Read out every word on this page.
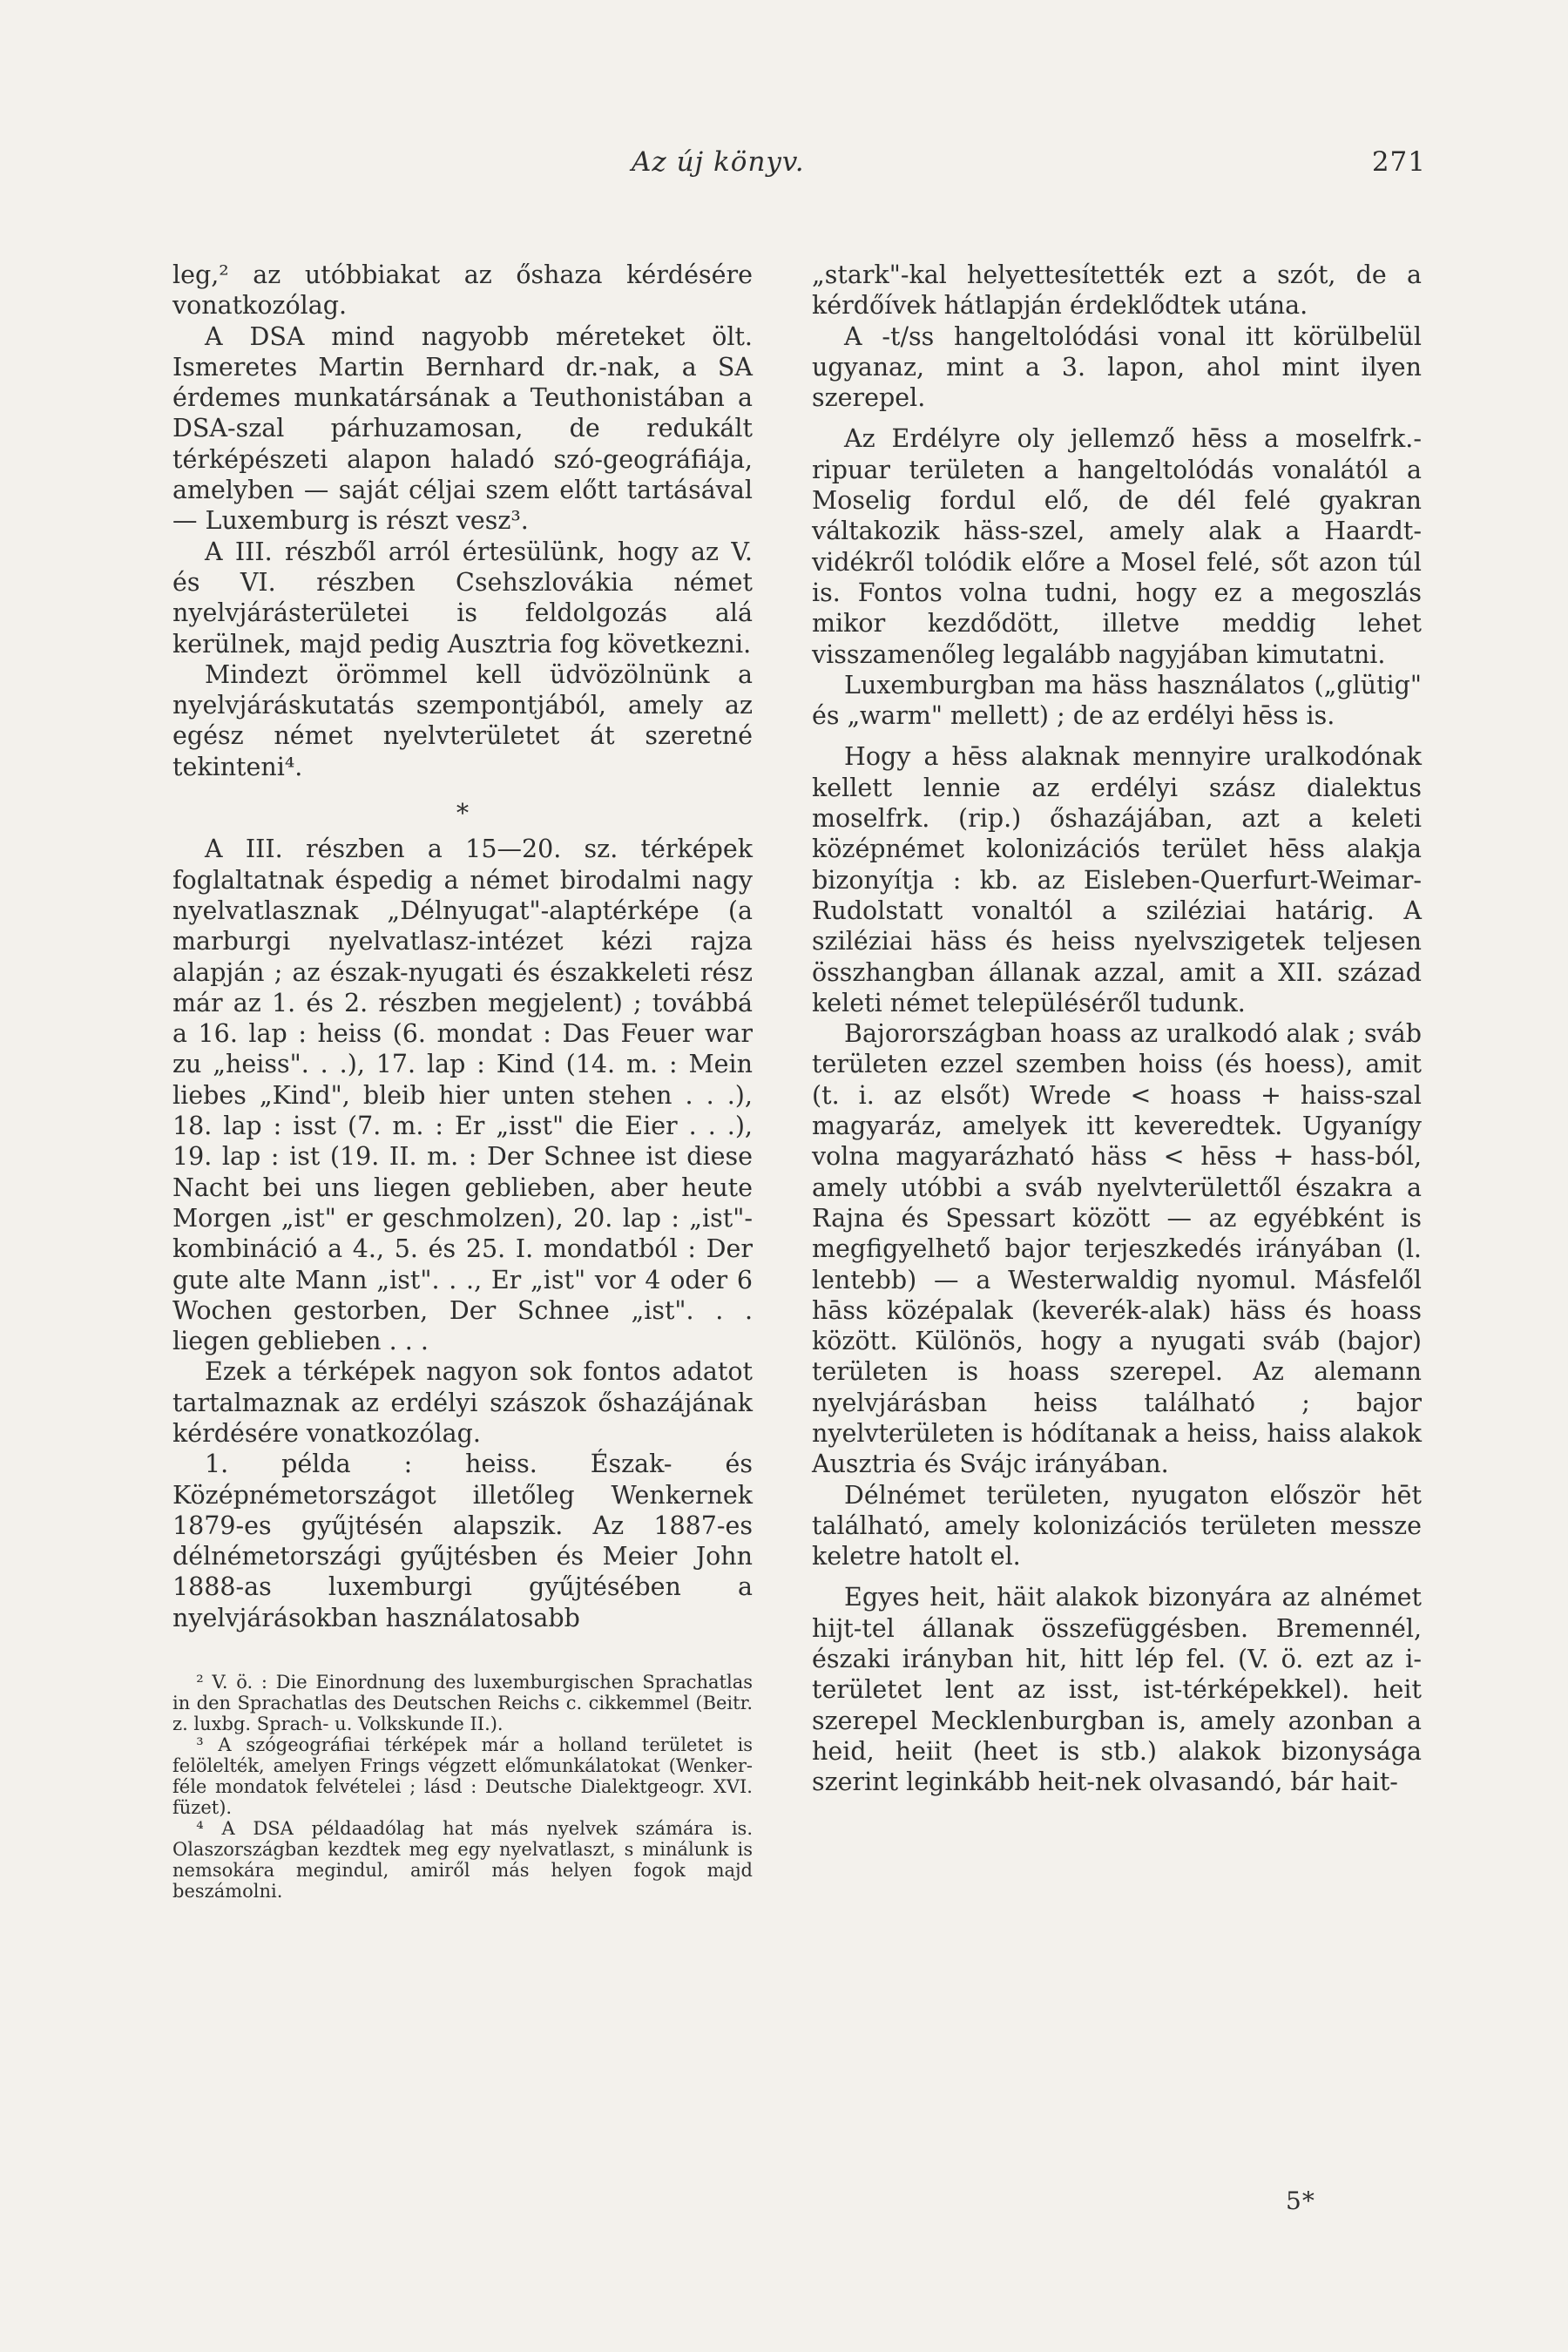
Az új könyv.	271

leg,² az utóbbiakat az őshaza kérdésére vonatkozólag.

A DSA mind nagyobb méreteket ölt. Ismeretes Martin Bernhard dr.-nak, a SA érdemes munkatársának a Teuthonistában a DSA-szal párhuzamosan, de redukált térképészeti alapon haladó szó-geográfiája, amelyben — saját céljai szem előtt tartásával — Luxemburg is részt vesz³.

A III. részből arról értesülünk, hogy az V. és VI. részben Csehszlovákia német nyelvjárásterületei is feldolgozás alá kerülnek, majd pedig Ausztria fog következni.

Mindezt örömmel kell üdvözölnünk a nyelvjáráskutatás szempontjából, amely az egész német nyelvterületet át szeretné tekinteni⁴.

*

A III. részben a 15—20. sz. térképek foglaltatnak éspedig a német birodalmi nagy nyelvatlasznak „Délnyugat"-alaptérképe (a marburgi nyelvatlasz-intézet kézi rajza alapján ; az észak-nyugati és északkeleti rész már az 1. és 2. részben megjelent) ; továbbá a 16. lap : heiss (6. mondat : Das Feuer war zu „heiss". . .), 17. lap : Kind (14. m. : Mein liebes „Kind", bleib hier unten stehen . . .), 18. lap : isst (7. m. : Er „isst" die Eier . . .), 19. lap : ist (19. II. m. : Der Schnee ist diese Nacht bei uns liegen geblieben, aber heute Morgen „ist" er geschmolzen), 20. lap : „ist"-kombináció a 4., 5. és 25. I. mondatból : Der gute alte Mann „ist". . ., Er „ist" vor 4 oder 6 Wochen gestorben, Der Schnee „ist". . . liegen geblieben . . .

Ezek a térképek nagyon sok fontos adatot tartalmaznak az erdélyi szászok őshazájának kérdésére vonatkozólag.

1. példa : heiss. Észak- és Középnémetországot illetőleg Wenkernek 1879-es gyűjtésén alapszik. Az 1887-es délnémetországi gyűjtésben és Meier John 1888-as luxemburgi gyűjtésében a nyelvjárásokban használatosabb

² V. ö. : Die Einordnung des luxemburgischen Sprachatlas in den Sprachatlas des Deutschen Reichs c. cikkemmel (Beitr. z. luxbg. Sprach- u. Volkskunde II.).

³ A szógeográfiai térképek már a holland területet is felölelték, amelyen Frings végzett előmunkálatokat (Wenker-féle mondatok felvételei ; lásd : Deutsche Dialektgeogr. XVI. füzet).

⁴ A DSA példaadólag hat más nyelvek számára is. Olaszországban kezdtek meg egy nyelvatlaszt, s minálunk is nemsokára megindul, amiről más helyen fogok majd beszámolni.

„stark"-kal helyettesítették ezt a szót, de a kérdőívek hátlapján érdeklődtek utána.

A -t/ss hangeltolódási vonal itt körülbelül ugyanaz, mint a 3. lapon, ahol mint ilyen szerepel.

Az Erdélyre oly jellemző hēss a moselfrk.-ripuar területen a hangeltolódás vonalától a Moselig fordul elő, de dél felé gyakran váltakozik häss-szel, amely alak a Haardt-vidékről tolódik előre a Mosel felé, sőt azon túl is. Fontos volna tudni, hogy ez a megoszlás mikor kezdődött, illetve meddig lehet visszamenőleg legalább nagyjában kimutatni.

Luxemburgban ma häss használatos („glütig" és „warm" mellett) ; de az erdélyi hēss is.

Hogy a hēss alaknak mennyire uralkodónak kellett lennie az erdélyi szász dialektus moselfrk. (rip.) őshazájában, azt a keleti középnémet kolonizációs terület hēss alakja bizonyítja : kb. az Eisleben-Querfurt-Weimar-Rudolstatt vonaltól a sziléziai határig. A sziléziai häss és heiss nyelvszigetek teljesen összhangban állanak azzal, amit a XII. század keleti német településéről tudunk.

Bajorországban hoass az uralkodó alak ; sváb területen ezzel szemben hoiss (és hoess), amit (t. i. az elsőt) Wrede < hoass + haiss-szal magyaráz, amelyek itt keveredtek. Ugyanígy volna magyarázható häss < hēss + hass-ból, amely utóbbi a sváb nyelvterülettől északra a Rajna és Spessart között — az egyébként is megfigyelhető bajor terjeszkedés irányában (l. lentebb) — a Westerwaldig nyomul. Másfelől hāss középalak (keverék-alak) häss és hoass között. Különös, hogy a nyugati sváb (bajor) területen is hoass szerepel. Az alemann nyelvjárásban heiss található ; bajor nyelvterületen is hódítanak a heiss, haiss alakok Ausztria és Svájc irányában.

Délnémet területen, nyugaton először hēt található, amely kolonizációs területen messze keletre hatolt el.

Egyes heit, häit alakok bizonyára az alnémet hijt-tel állanak összefüggésben. Bremennél, északi irányban hit, hitt lép fel. (V. ö. ezt az i-területet lent az isst, ist-térképekkel). heit szerepel Mecklenburgban is, amely azonban a heid, heiit (heet is stb.) alakok bizonysága szerint leginkább heit-nek olvasandó, bár hait-

5*
